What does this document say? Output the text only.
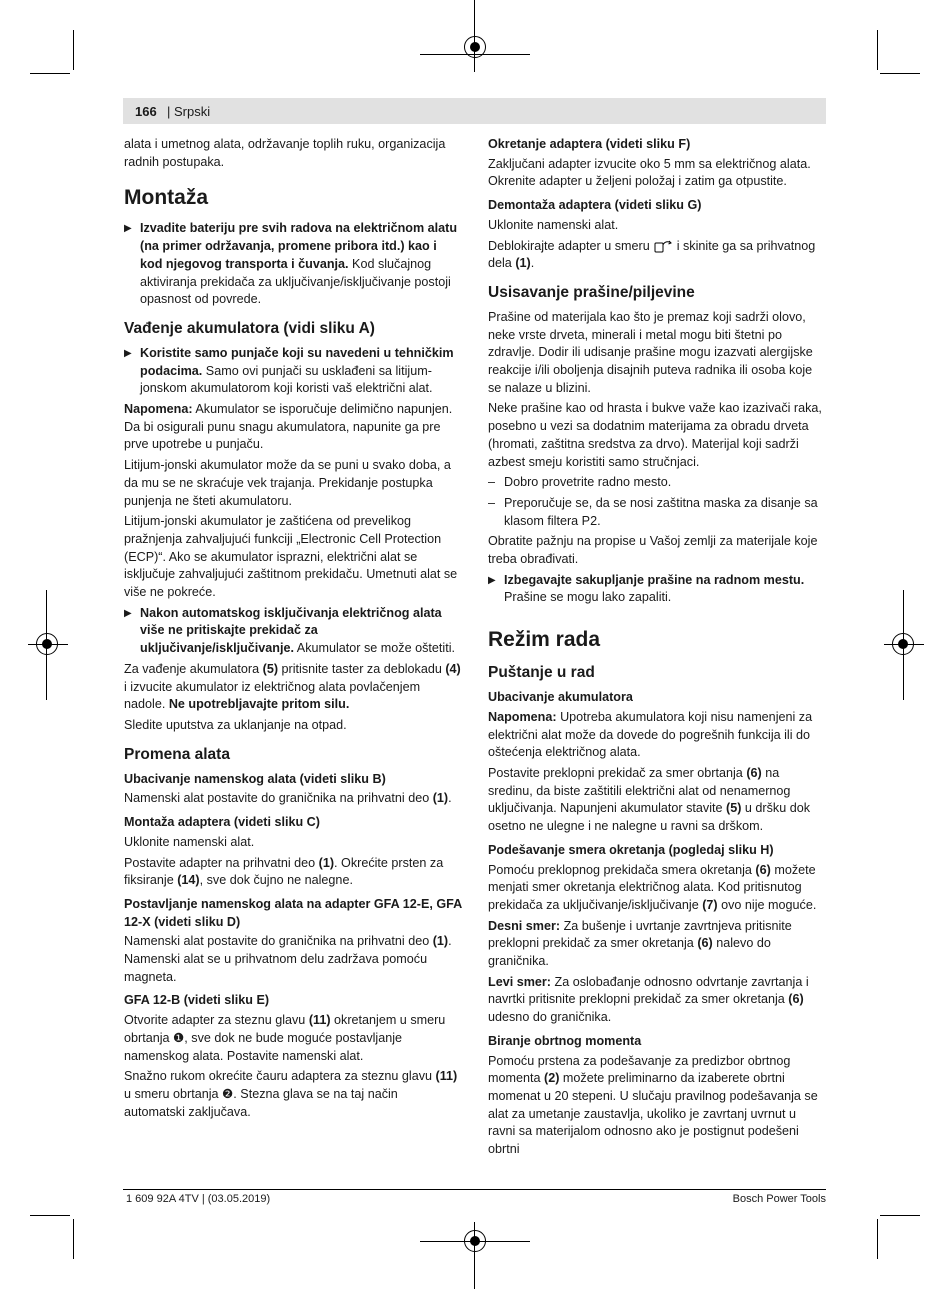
166 | Srpski

alata i umetnog alata, održavanje toplih ruku, organizacija radnih postupaka.

Montaža

▶ Izvadite bateriju pre svih radova na električnom alatu (na primer održavanja, promene pribora itd.) kao i kod njegovog transporta i čuvanja. Kod slučajnog aktiviranja prekidača za uključivanje/isključivanje postoji opasnost od povrede.

Vađenje akumulatora (vidi sliku A)

▶ Koristite samo punjače koji su navedeni u tehničkim podacima. Samo ovi punjači su usklađeni sa litijum-jonskom akumulatorom koji koristi vaš električni alat.

Napomena: Akumulator se isporučuje delimično napunjen. Da bi osigurali punu snagu akumulatora, napunite ga pre prve upotrebe u punjaču.

Litijum-jonski akumulator može da se puni u svako doba, a da mu se ne skraćuje vek trajanja. Prekidanje postupka punjenja ne šteti akumulatoru.

Litijum-jonski akumulator je zaštićena od prevelikog pražnjenja zahvaljujući funkciji „Electronic Cell Protection (ECP)“. Ako se akumulator isprazni, električni alat se isključuje zahvaljujući zaštitnom prekidaču. Umetnuti alat se više ne pokreće.

▶ Nakon automatskog isključivanja električnog alata više ne pritiskajte prekidač za uključivanje/isključivanje. Akumulator se može oštetiti.

Za vađenje akumulatora (5) pritisnite taster za deblokadu (4) i izvucite akumulator iz električnog alata povlačenjem nadole. Ne upotrebljavajte pritom silu.

Sledite uputstva za uklanjanje na otpad.

Promena alata
Ubacivanje namenskog alata (videti sliku B)

Namenski alat postavite do graničnika na prihvatni deo (1).

Montaža adaptera (videti sliku C)

Uklonite namenski alat.

Postavite adapter na prihvatni deo (1). Okrećite prsten za fiksiranje (14), sve dok čujno ne nalegne.

Postavljanje namenskog alata na adapter GFA 12-E, GFA 12-X (videti sliku D)

Namenski alat postavite do graničnika na prihvatni deo (1). Namenski alat se u prihvatnom delu zadržava pomoću magneta.

GFA 12-B (videti sliku E)

Otvorite adapter za steznu glavu (11) okretanjem u smeru obrtanja ❶, sve dok ne bude moguće postavljanje namenskog alata. Postavite namenski alat.

Snažno rukom okrećite čauru adaptera za steznu glavu (11) u smeru obrtanja ❷. Stezna glava se na taj način automatski zaključava.

Okretanje adaptera (videti sliku F)

Zaključani adapter izvucite oko 5 mm sa električnog alata. Okrenite adapter u željeni položaj i zatim ga otpustite.

Demontaža adaptera (videti sliku G)

Uklonite namenski alat.

Deblokirajte adapter u smeru  i skinite ga sa prihvatnog dela (1).

Usisavanje prašine/piljevine

Prašine od materijala kao što je premaz koji sadrži olovo, neke vrste drveta, minerali i metal mogu biti štetni po zdravlje. Dodir ili udisanje prašine mogu izazvati alergijske reakcije i/ili oboljenja disajnih puteva radnika ili osoba koje se nalaze u blizini.

Neke prašine kao od hrasta i bukve važe kao izazivači raka, posebno u vezi sa dodatnim materijama za obradu drveta (hromati, zaštitna sredstva za drvo). Materijal koji sadrži azbest smeju koristiti samo stručnjaci.

– Dobro provetrite radno mesto.

– Preporučuje se, da se nosi zaštitna maska za disanje sa klasom filtera P2.

Obratite pažnju na propise u Vašoj zemlji za materijale koje treba obrađivati.

▶ Izbegavajte sakupljanje prašine na radnom mestu. Prašine se mogu lako zapaliti.

Režim rada
Puštanje u rad
Ubacivanje akumulatora

Napomena: Upotreba akumulatora koji nisu namenjeni za električni alat može da dovede do pogrešnih funkcija ili do oštećenja električnog alata.

Postavite preklopni prekidač za smer obrtanja (6) na sredinu, da biste zaštitili električni alat od nenamernog uključivanja. Napunjeni akumulator stavite (5) u dršku dok osetno ne ulegne i ne nalegne u ravni sa drškom.

Podešavanje smera okretanja (pogledaj sliku H)

Pomoću preklopnog prekidača smera okretanja (6) možete menjati smer okretanja električnog alata. Kod pritisnutog prekidača za uključivanje/isključivanje (7) ovo nije moguće.

Desni smer: Za bušenje i uvrtanje zavrtnjeva pritisnite preklopni prekidač za smer okretanja (6) nalevo do graničnika.

Levi smer: Za oslobađanje odnosno odvrtanje zavrtanja i navrtki pritisnite preklopni prekidač za smer okretanja (6) udesno do graničnika.

Biranje obrtnog momenta

Pomoću prstena za podešavanje za predizbor obrtnog momenta (2) možete preliminarno da izaberete obrtni momenat u 20 stepeni. U slučaju pravilnog podešavanja se alat za umetanje zaustavlja, ukoliko je zavrtanj uvrnut u ravni sa materijalom odnosno ako je postignut podešeni obrtni

1 609 92A 4TV | (03.05.2019)	Bosch Power Tools
